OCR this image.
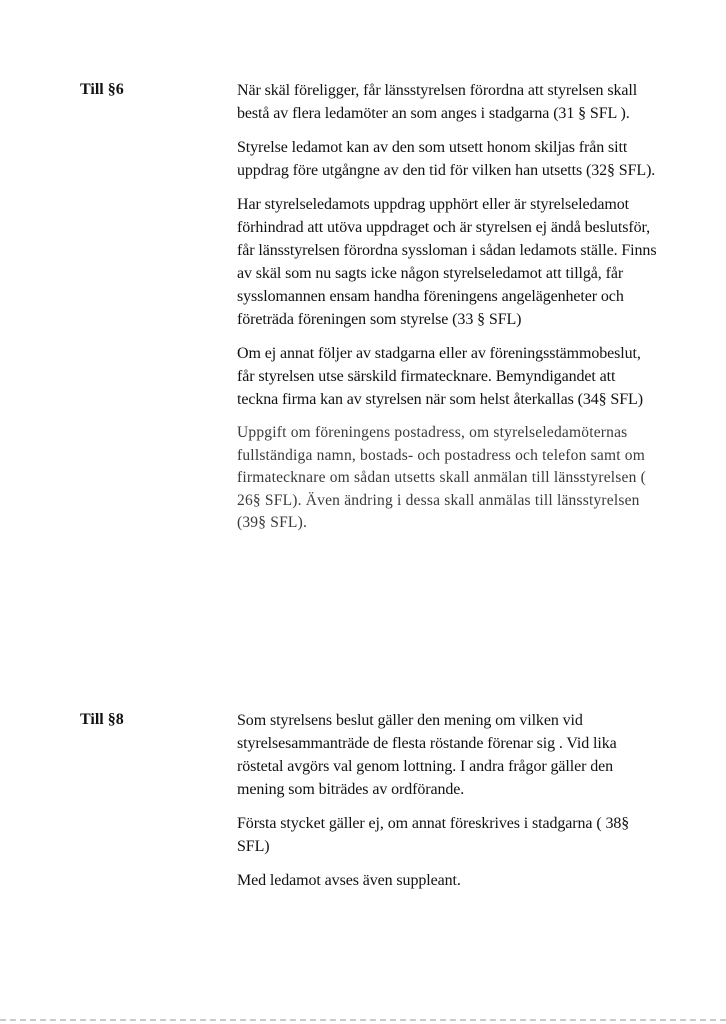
Till §6	När skäl föreligger, får länsstyrelsen förordna att styrelsen skall bestå av flera ledamöter an som anges i stadgarna (31 § SFL ).

Styrelse ledamot kan av den som utsett honom skiljas från sitt uppdrag före utgångne av den tid för vilken han utsetts (32§ SFL).

Har styrelseledamots uppdrag upphört eller är styrelseledamot förhindrad att utöva uppdraget och är styrelsen ej ändå beslutsför, får länsstyrelsen förordna syssloman i sådan ledamots ställe. Finns av skäl som nu sagts icke någon styrelseledamot att tillgå, får sysslomannen ensam handha föreningens angelägenheter och företräda föreningen som styrelse (33 § SFL)

Om ej annat följer av stadgarna eller av föreningsstämmobeslut, får styrelsen utse särskild firmatecknare. Bemyndigandet att teckna firma kan av styrelsen när som helst återkallas (34§ SFL)

Uppgift om föreningens postadress, om styrelseledamöternas fullständiga namn, bostads- och postadress och telefon samt om firmatecknare om sådan utsetts skall anmälan till länsstyrelsen ( 26§ SFL). Även ändring i dessa skall anmälas till länsstyrelsen (39§ SFL).

Till §8	Som styrelsens beslut gäller den mening om vilken vid styrelsesammanträde de flesta röstande förenar sig . Vid lika röstetal avgörs val genom lottning. I andra frågor gäller den mening som biträdes av ordförande.

Första stycket gäller ej, om annat föreskrives i stadgarna ( 38§ SFL)

Med ledamot avses även suppleant.
